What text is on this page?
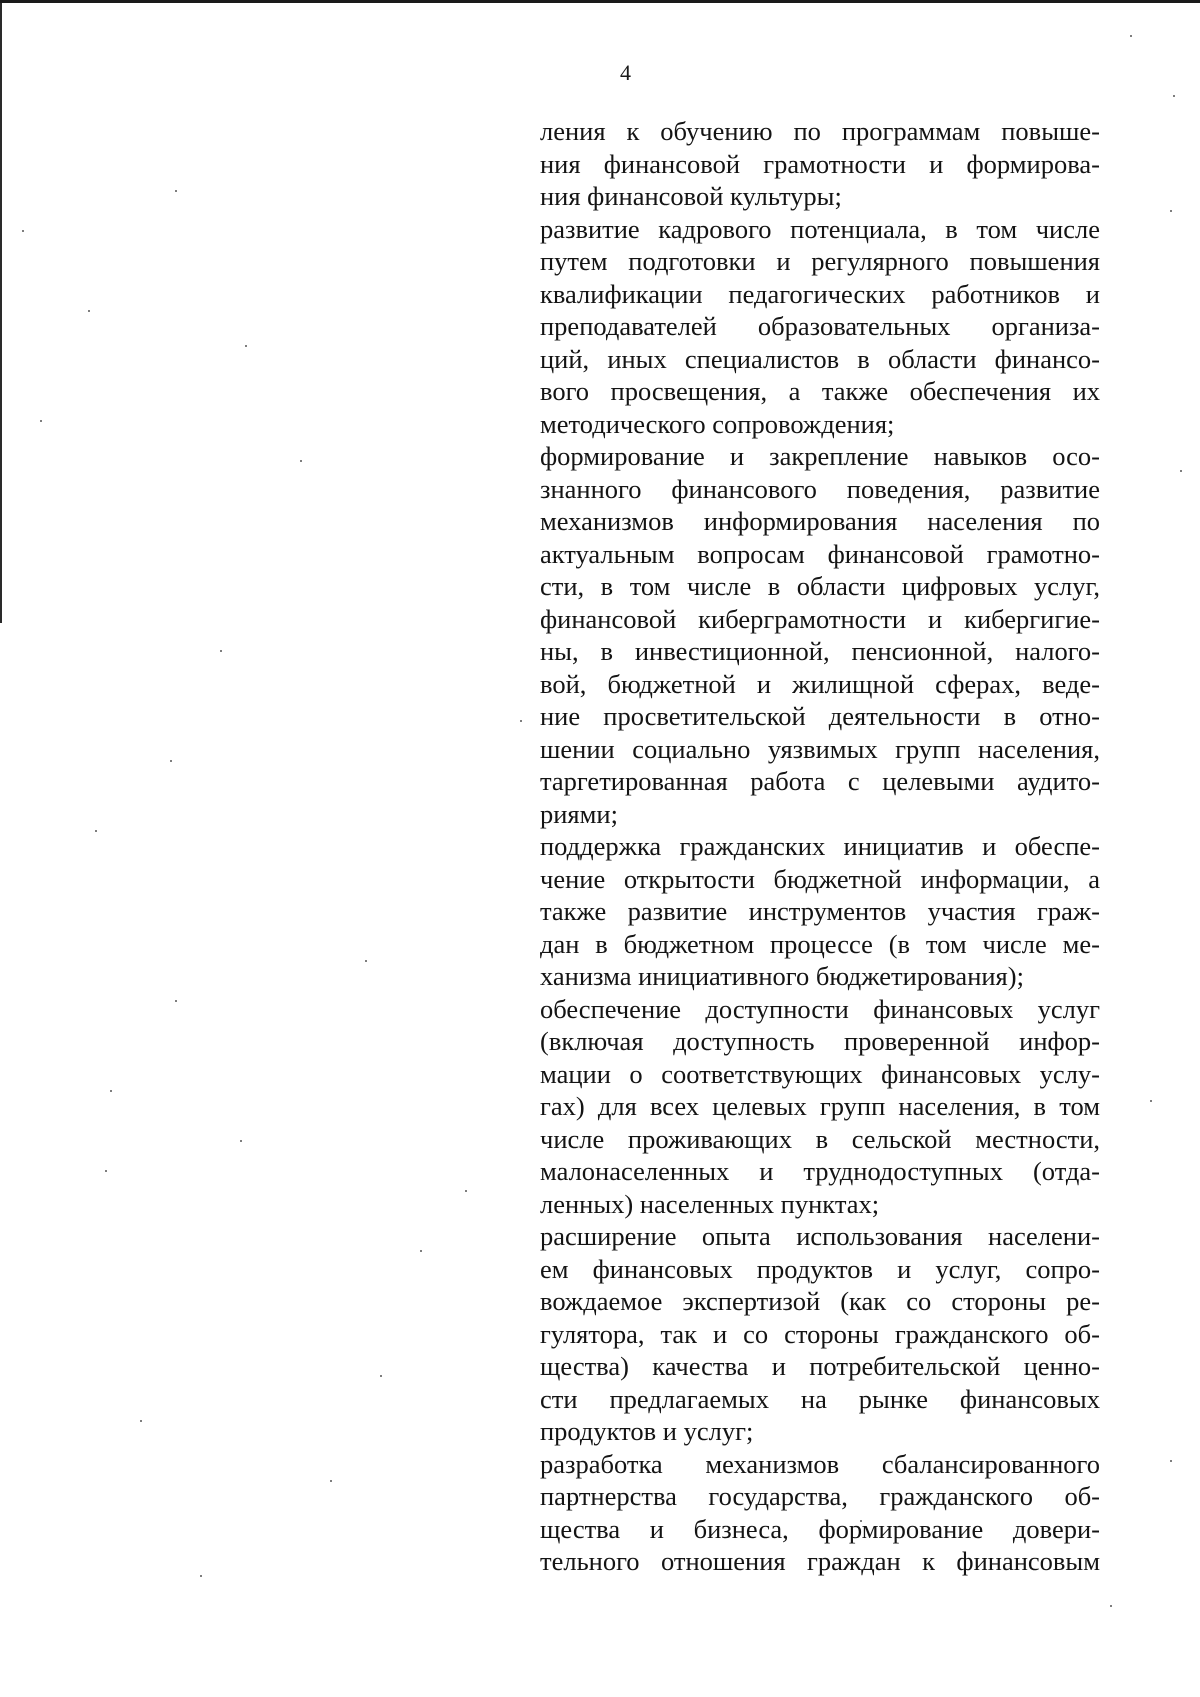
4
ления к обучению по программам повыше-
ния финансовой грамотности и формирова-
ния финансовой культуры;
развитие кадрового потенциала, в том числе
путем подготовки и регулярного повышения
квалификации педагогических работников и
преподавателей образовательных организа-
ций, иных специалистов в области финансо-
вого просвещения, а также обеспечения их
методического сопровождения;
формирование и закрепление навыков осо-
знанного финансового поведения, развитие
механизмов информирования населения по
актуальным вопросам финансовой грамотно-
сти, в том числе в области цифровых услуг,
финансовой киберграмотности и кибергигие-
ны, в инвестиционной, пенсионной, налого-
вой, бюджетной и жилищной сферах, веде-
ние просветительской деятельности в отно-
шении социально уязвимых групп населения,
таргетированная работа с целевыми аудито-
риями;
поддержка гражданских инициатив и обеспе-
чение открытости бюджетной информации, а
также развитие инструментов участия граж-
дан в бюджетном процессе (в том числе ме-
ханизма инициативного бюджетирования);
обеспечение доступности финансовых услуг
(включая доступность проверенной инфор-
мации о соответствующих финансовых услу-
гах) для всех целевых групп населения, в том
числе проживающих в сельской местности,
малонаселенных и труднодоступных (отда-
ленных) населенных пунктах;
расширение опыта использования населени-
ем финансовых продуктов и услуг, сопро-
вождаемое экспертизой (как со стороны ре-
гулятора, так и со стороны гражданского об-
щества) качества и потребительской ценно-
сти предлагаемых на рынке финансовых
продуктов и услуг;
разработка механизмов сбалансированного
партнерства государства, гражданского об-
щества и бизнеса, формирование довери-
тельного отношения граждан к финансовым
